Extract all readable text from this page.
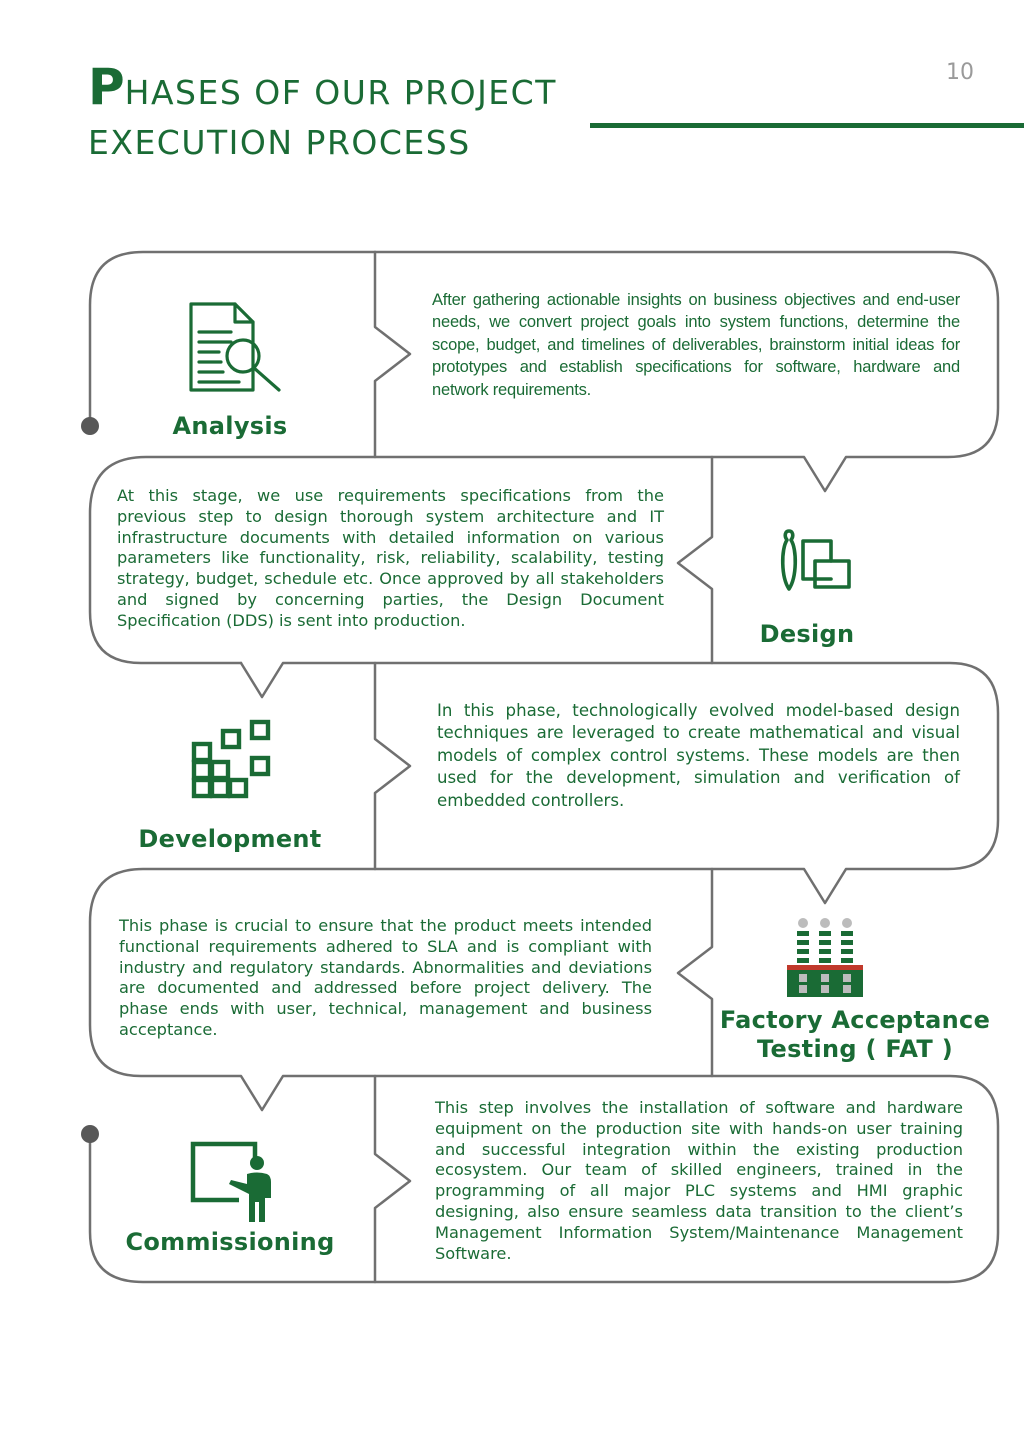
10
PHASES OF OUR PROJECT
EXECUTION PROCESS
Analysis

After gathering actionable insights on business objectives and end-user needs, we convert project goals into system functions, determine the scope, budget, and timelines of deliverables, brainstorm initial ideas for prototypes and establish specifications for software, hardware and network requirements.

Design

At this stage, we use requirements specifications from the previous step to design thorough system architecture and IT infrastructure documents with detailed information on various parameters like functionality, risk, reliability, scalability, testing strategy, budget, schedule etc. Once approved by all stakeholders and signed by concerning parties, the Design Document Specification (DDS) is sent into production.

Development

In this phase, technologically evolved model-based design techniques are leveraged to create mathematical and visual models of complex control systems. These models are then used for the development, simulation and verification of embedded controllers.

Factory Acceptance
Testing ( FAT )

This phase is crucial to ensure that the product meets intended functional requirements adhered to SLA and is compliant with industry and regulatory standards. Abnormalities and deviations are documented and addressed before project delivery. The phase ends with user, technical, management and business acceptance.

Commissioning

This step involves the installation of software and hardware equipment on the production site with hands-on user training and successful integration within the existing production ecosystem. Our team of skilled engineers, trained in the programming of all major PLC systems and HMI graphic designing, also ensure seamless data transition to the client’s Management Information System/Maintenance Management Software.
